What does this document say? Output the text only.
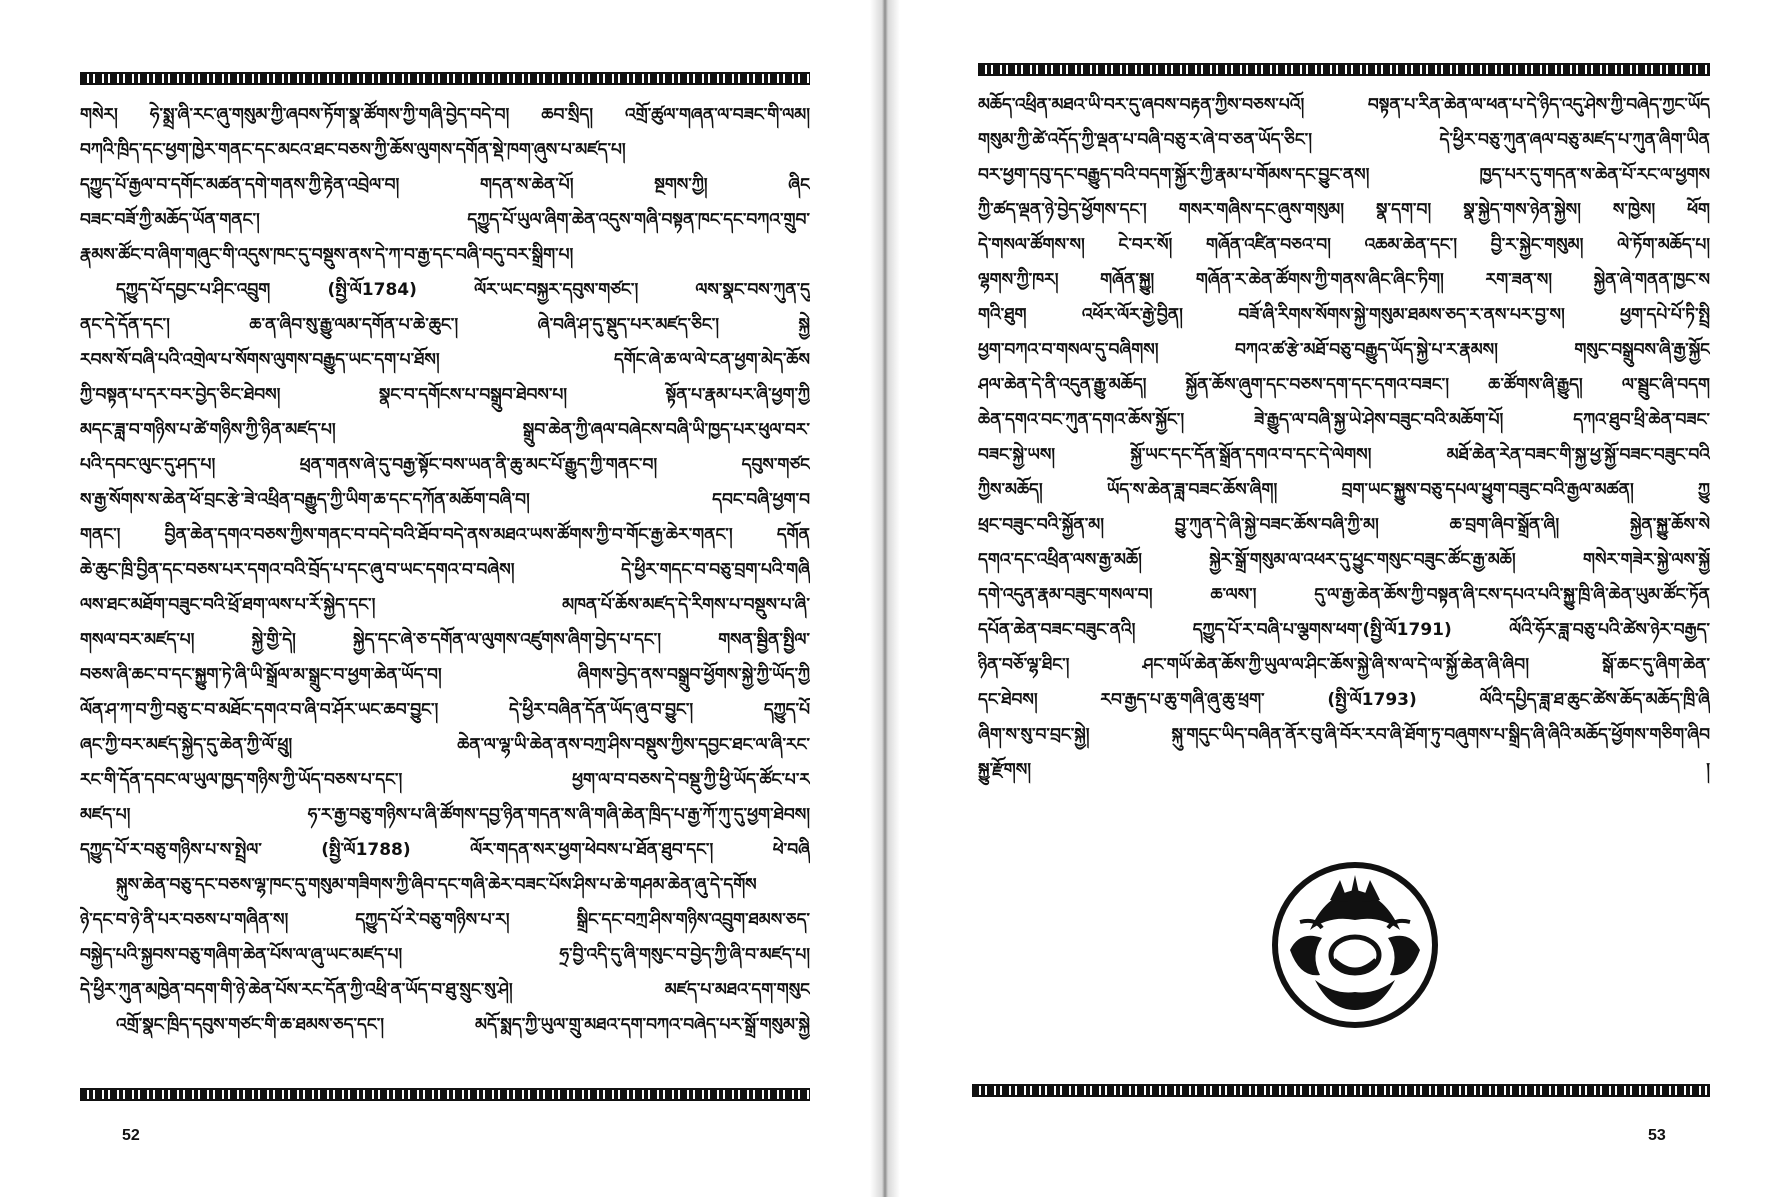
གསེར། ཧེ་སྨྲ་ཞི་རང་ཞུ་གསུམ་ཀྱི་ཞབས་ཏོག་སྣ་ཚོགས་ཀྱི་གཞི་བྱེད་བདེ་བ། ཆབ་སྲིད། འགྲོ་ཚུལ་གཞན་ལ་བཟང་གི་ལམ།
བཀའི་ཁྲིད་དང་ཕྱག་ཁྱེར་གནང་དང་མངའ་ཐང་བཅས་ཀྱི་ཆོས་ལུགས་དགོན་སྡེ་ཁག་ཞུས་པ་མཛད་པ།
དཀྱུད་པོ་རྒྱལ་བ་དགོང་མཚན་དགེ་གནས་ཀྱི་རྟེན་འབྲེལ་བ། གདན་ས་ཆེན་པོ། སྔགས་ཀྱི། ཞིང
བཟང་བཟོ་ཀྱི་མཆོད་ཡོན་གནང་། དཀྱུད་པོ་ཡུལ་ཞིག་ཆེན་འདུས་གཞི་བསྟན་ཁང་དང་བཀའ་གྲུབ་
རྣམས་ཚོང་བ་ཞིག་གཞུང་གི་འདུས་ཁང་དུ་བསྡུས་ནས་དེ་ཀ་བ་རྒྱ་དང་བཞི་བདུ་བར་སྒྲིག་པ།
དཀྱུད་པོ་དབྱང་པ་ཤིང་འབྲུག (སྤྱི་ལོ1784) ལོར་ཡང་བསྐྱར་དབུས་གཙང་། ལས་སྣང་བས་ཀུན་དུ
ནང་དེ་དོན་དང་། ཆ་ན་ཞིབ་སུ་རྒྱུ་ལམ་དགོན་པ་ཆེ་ཆུང་། ཞེ་བཞི་ཤ་དུ་སྡུད་པར་མཛད་ཅིང་། སྐྱེ
རབས་སོ་བཞི་པའི་འགྲེལ་པ་སོགས་ལུགས་བརྒྱུད་ཡང་དག་པ་ཐོས། དགོང་ཞེ་ཆ་ལ་ལེ་ངན་ཕྱག་མེད་ཆོས
ཀྱི་བསྟན་པ་དར་བར་བྱེད་ཅིང་ཐེབས། སྣང་བ་དགོངས་པ་བསྒྲུབ་ཐེབས་པ། སྟོན་པ་རྣམ་པར་ཞི་ཕྱག་ཀྱི
མདང་ཟླ་བ་གཉིས་པ་ཚེ་གཉིས་ཀྱི་ཉིན་མཛད་པ། སྒྲུབ་ཆེན་ཀྱི་ཞལ་བཞེངས་བཞི་ཡི་ཁྱད་པར་ཕུལ་བར་
པའི་དབང་ལུང་དུ་ཤད་པ། ཕྲན་གནས་ཞེ་དུ་བརྒྱ་སྟོང་བས་ཡན་ནི་ཆུ་མང་པོ་རྒྱུད་ཀྱི་གནང་བ། དབུས་གཙང
ས་རྒྱ་སོགས་ས་ཆེན་ཕོ་བྲང་རྩེ་ཟེ་འཕྲིན་བརྒྱུད་ཀྱི་ཡིག་ཆ་དང་དཀོན་མཆོག་བཞི་བ། དབང་བཞི་ཕྱག་བ
གནང་། བྱིན་ཆེན་དགའ་བཅས་ཀྱིས་གནང་བ་བདེ་བའི་ཐོབ་བདེ་ནས་མཐའ་ཡས་ཚོགས་ཀྱི་བ་གོང་རྒྱ་ཆེར་གནང་། དགོན
ཆེ་ཆུང་ཁྲི་བྱིན་དང་བཅས་པར་དགའ་བའི་བྲོད་པ་དང་ཞུ་བ་ཡང་དགའ་བ་བཞེས། དེ་ཕྱིར་གདང་བ་བཅུ་བྲག་པའི་གཞི
ལས་ཐང་མཐོག་བཟུང་བའི་ཕྲོ་ཐག་ལས་པ་རོ་སྐྱེད་དང་། མཁན་པོ་ཆོས་མཛད་དེ་རིགས་པ་བསྡུས་པ་ཞི་
གསལ་བར་མཛད་པ། སྐྱེ་གྱི་དེ། སྐྱེད་དང་ཞེ་ཅ་དགོན་ལ་ལུགས་འཛུགས་ཞིག་བྱེད་པ་དང་། གསན་སྦྱིན་སྤྱིལ་
བཅས་ཞི་ཆང་བ་དང་སྐྱུག་ཏེ་ཞི་ཡི་སྒྲོལ་མ་སྒྲུང་བ་ཕྱག་ཆེན་ཡོད་བ། ཞིགས་བྱེད་ནས་བསྒྲུབ་ཕྱོགས་སྐྱེ་ཀྱི་ཡོད་ཀྱི
ལོན་ཤ་ཀ་བ་ཀྱི་བཅུ་ང་བ་མཐོང་དགའ་བ་ཞི་བ་ཤོར་ཡང་ཆབ་བྱུང་། དེ་ཕྱིར་བཞིན་དོན་ཡོད་ཞུ་བ་བྱུང་། དཀྱུད་པོ
ཞང་ཀྱི་བར་མཛད་སྐྱེད་དུ་ཆེན་ཀྱི་ལོ་ཕྲུ། ཆེན་ལ་ལྷ་ཡི་ཆེན་ནས་བཀྲ་ཤིས་བསྡུས་ཀྱིས་དབྱང་ཐང་ལ་ཞི་རང་
རང་གི་དོན་དབང་ལ་ཡུལ་ཁྱད་གཉིས་ཀྱི་ཡོད་བཅས་པ་དང་། ཕྱག་ལ་བ་བཅས་དེ་བསྡུ་ཀྱི་ཕྱི་ཡོད་ཚོང་པ་ར
མཛད་པ། ཧ་ར་རྒྱ་བཅུ་གཉིས་པ་ཞི་ཚོགས་དབྱ་ཉིན་གདན་ས་ཞི་གཞི་ཆེན་ཁྲིད་པ་རྒྱ་ཀོ་ཀུ་དུ་ཕྱག་ཐེབས།
དཀྱུད་པོ་ར་བཅུ་གཉིས་པ་ས་སྤྲེལ་ (སྤྱི་ལོ1788) ལོར་གདན་སར་ཕྱག་ཕེབས་པ་ཐོན་ཐུབ་དང་། ཕེ་བཞི
སྐུས་ཆེན་བཅུ་དང་བཅས་ལྷ་ཁང་དུ་གསུམ་གཟིགས་ཀྱི་ཞིབ་དང་གཞི་ཆེར་བཟང་པོས་ཤིས་པ་ཆེ་གཤམ་ཆེན་ཞུ་དེ་དགོས
ཉེ་དང་བ་ཉེ་ནི་པར་བཅས་པ་གཞིན་ས། དཀྱུད་པོ་རེ་བཅུ་གཉིས་པ་ར། སྒྲིང་དང་བཀྲ་ཤིས་གཉིས་འབྲུག་ཐམས་ཅད་
བསྐྱེད་པའི་སྐྱབས་བཅུ་གཞིག་ཆེན་པོས་ལ་ཞུ་ཡང་མཛད་པ། ཧྲ་བྱི་འདི་དུ་ཞི་གསུང་བ་བྱེད་ཀྱི་ཞི་བ་མཛད་པ།
དེ་ཕྱིར་ཀུན་མཁྱེན་བདག་གི་ཉེ་ཆེན་པོས་རང་དོན་ཀྱི་འཕྲི་ན་ཡོད་བ་ཐུ་སྲུང་སུ་ཤེ། མཛད་པ་མཐའ་དག་གསུང
འགྲོ་སྣང་ཁྲིད་དབུས་གཙང་གི་ཆ་ཐམས་ཅད་དང་། མདོ་སྨད་ཀྱི་ཡུལ་གྲུ་མཐའ་དག་བཀའ་བཞེད་པར་སྒྲོ་གསུམ་སྐྱེ
52
མཆོད་འཕྲིན་མཐའ་ཡི་བར་དུ་ཞབས་བརྟན་ཀྱིས་བཅས་པའོ། བསྟན་པ་རིན་ཆེན་ལ་ཕན་པ་དེ་ཉིད་འདུ་ཤེས་ཀྱི་བཞེད་ཀྱང་ཡོད
གསུམ་ཀྱི་ཚེ་འདོད་ཀྱི་ལྡན་པ་བཞི་བཅུ་ར་ཞེ་བ་ཅན་ཡོད་ཅིང་། དེ་ཕྱིར་བཅུ་ཀུན་ཞལ་བཅུ་མཛད་པ་ཀུན་ཞིག་ཡིན
བར་ཕྱག་དབུ་དང་བརྒྱུད་བའི་བདག་སྐྱོར་ཀྱི་རྣམ་པ་གོམས་དང་བྱུང་ནས། ཁྱད་པར་དུ་གདན་ས་ཆེན་པོ་རང་ལ་ཕྱགས
ཀྱི་ཚད་ལྡན་ཉེ་བྱེད་ཕྱོགས་དང་། གསར་གཞིས་དང་ཞུས་གསུམ། སྣ་དག་བ། སྣ་སྐྱེད་གས་ཉེན་སྐྱེས། ས་ཁྱེས། ཕོག
དེ་གསལ་ཚོགས་ས། ངེ་བར་སོ། གཞོན་འཛིན་བཅའ་བ། འཆམ་ཆེན་དང་། བྱི་ར་སྐྱེང་གསུམ། ལེ་ཏོག་མཆོད་པ།
ལྷགས་ཀྱི་ཁར། གཞོན་སྐྱུ། གཞོན་ར་ཆེན་ཚོགས་ཀྱི་གནས་ཞིང་ཞིང་ཏིག། རག་ཟན་ས། སྐྱེན་ཞེ་གནན་ཁྱང་ས
གའི་ཐུག འཕོར་ལོར་རྒྱེ་བྱིན། བཟོ་ཞི་རིགས་སོགས་སྐྱེ་གསུམ་ཐམས་ཅད་ར་ནས་པར་བྱ་ས། ཕྱག་དཔེ་པོ་ཏི་སྤྲི
ཕྱག་བཀའ་བ་གསལ་དུ་བཞིགས། བཀའ་ཚ་རྩེ་མཐོ་བཅུ་བརྒྱུད་ཡོད་སྐྱེ་པ་ར་རྣམས། གསུང་བསྒྲུབས་ཞི་རྒྱ་སྐྱོང
ཤལ་ཆེན་དེ་ནི་འདུན་རྒྱུ་མཆོད། སྐྱོན་ཆོས་ཞུག་དང་བཅས་དག་དང་དགའ་བཟང་། ཆ་ཚོགས་ཞི་རྒྱུད། ལ་སྦྲུང་ཞི་བདག
ཆེན་དགའ་བང་ཀུན་དགའ་ཆོས་སྐྱོང་། ཟེ་རྒྱུད་ལ་བཞི་སྐྱ་ཡེ་ཤེས་བཟུང་བའི་མཆོག་པོ། དཀའ་ཐུབ་ཕྲི་ཆེན་བཟང་
བཟང་སྐྱེ་ཡས། སྐྱོ་ཡང་དང་དོན་སྒྲོན་དགའ་བ་དང་དེ་ལེགས། མཐོ་ཆེན་རེན་བཟང་གི་སྐྱ་ཕྱ་སྐྱོ་བཟང་བཟུང་བའི
ཀྱིས་མཆོད། ཡོད་ས་ཆེན་ཟླ་བཟང་ཆོས་ཞིག། བྲག་ཡང་སྐྱུས་བཅུ་དཔལ་ཕྱུག་བཟུང་བའི་རྒྱལ་མཚན། ཀྱུ
ཕྲང་བཟུང་བའི་སྐྱོན་མ། བྱུ་ཀུན་དེ་ཞི་སྐྱེ་བཟང་ཆོས་བཞི་ཀྱི་མ། ཆ་བྲག་ཞིབ་སྒྲོན་ཞི། སྐྱེན་སྐྱུ་ཆོས་སེ
དགའ་དང་འཕྲིན་ལས་རྒྱ་མཆོ། སྐྱེར་སྒྲོ་གསུམ་ལ་འཕར་དུ་ཕྱུང་གསུང་བཟུང་ཚོང་རྒྱ་མཆོ། གསེར་གཟེར་སྐྱེ་ལས་སྐྱོ
དགེ་འདུན་རྣམ་བཟུང་གསལ་བ། ཆ་ལས་། དུ་ལ་རྒྱ་ཆེན་ཆོས་ཀྱི་བསྟན་ཞི་ངས་དཔའ་པའི་སྐྱུ་ཁྲི་ཞི་ཆེན་ཡུམ་ཚོང་ཏོན
དཔོན་ཆེན་བཟང་བཟུང་ནའི། དཀྱུད་པོ་ར་བཞི་པ་ལྕགས་ཕག་(སྤྱི་ལོ1791) ལོའི་ཧོར་ཟླ་བཅུ་པའི་ཚེས་ཉེར་བརྒྱད་
ཉིན་བཅོ་ལྷ་ཐིང་། ཤང་གཡོ་ཆེན་ཆོས་ཀྱི་ཡུལ་ལ་ཤིང་ཆོས་སྐྱེ་ཞི་ས་ལ་དེ་ལ་སྐྱོ་ཆེན་ཞི་ཞིབ། སྒོ་ཆང་དུ་ཞིག་ཆེན་
དང་ཐེབས། རབ་རྒྱད་པ་ཆུ་གཞི་ཞུ་ཆུ་ཕྲག་ (སྤྱི་ལོ1793) ལོའི་དཔྱིད་ཟླ་ཐ་ཆུང་ཚེས་ཆོད་མཆོད་ཁྲི་ཞི
ཞིག་ས་སུ་བ་བྲང་སྐྱེ། སྐུ་གདུང་ཡིད་བཞིན་ནོར་བུ་ཞི་བོར་རབ་ཞི་ཐོག་ཏུ་བཞུགས་པ་སྒྲིད་ཞི་ཞིའི་མཆོད་ཕྱོགས་གཅིག་ཞིབ
སྐྱུ་རྫོགས། །
53
